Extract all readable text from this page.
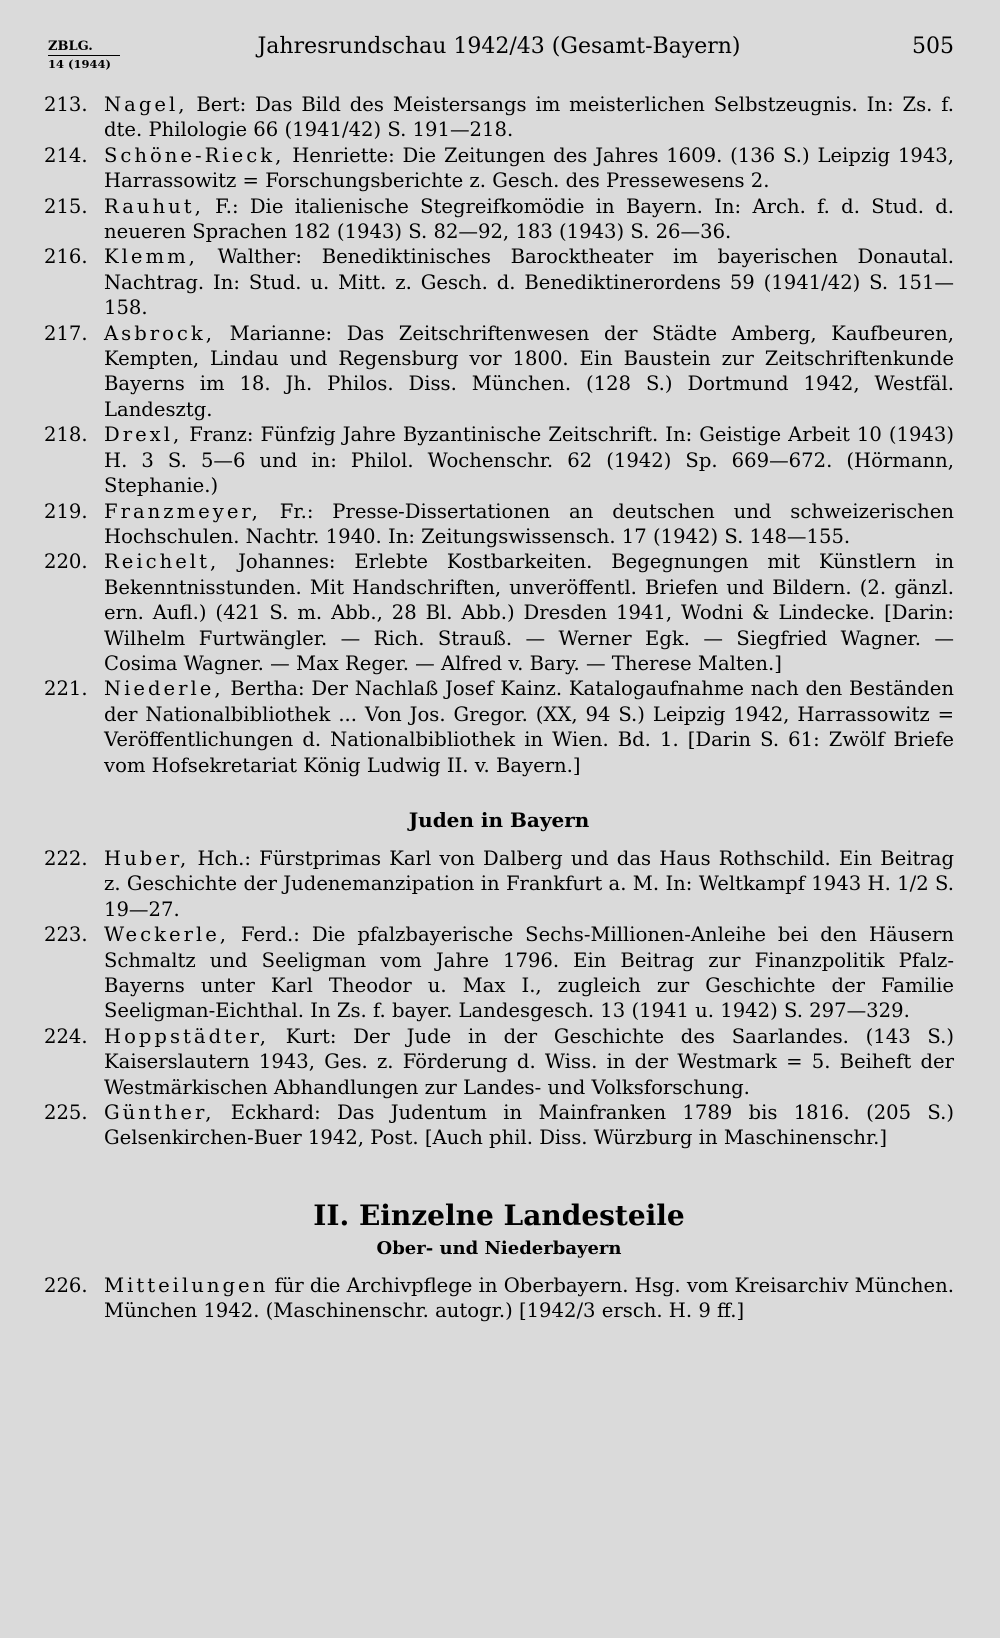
ZBLG.
14 (1944)
Jahresrundschau 1942/43 (Gesamt-Bayern)	505
213. Nagel, Bert: Das Bild des Meistersangs im meisterlichen Selbstzeugnis. In: Zs. f. dte. Philologie 66 (1941/42) S. 191—218.
214. Schöne-Rieck, Henriette: Die Zeitungen des Jahres 1609. (136 S.) Leipzig 1943, Harrassowitz = Forschungsberichte z. Gesch. des Pressewesens 2.
215. Rauhut, F.: Die italienische Stegreifkomödie in Bayern. In: Arch. f. d. Stud. d. neueren Sprachen 182 (1943) S. 82—92, 183 (1943) S. 26—36.
216. Klemm, Walther: Benediktinisches Barocktheater im bayerischen Donautal. Nachtrag. In: Stud. u. Mitt. z. Gesch. d. Benediktinerordens 59 (1941/42) S. 151—158.
217. Asbrock, Marianne: Das Zeitschriftenwesen der Städte Amberg, Kaufbeuren, Kempten, Lindau und Regensburg vor 1800. Ein Baustein zur Zeitschriftenkunde Bayerns im 18. Jh. Philos. Diss. München. (128 S.) Dortmund 1942, Westfäl. Landesztg.
218. Drexl, Franz: Fünfzig Jahre Byzantinische Zeitschrift. In: Geistige Arbeit 10 (1943) H. 3 S. 5—6 und in: Philol. Wochenschr. 62 (1942) Sp. 669—672. (Hörmann, Stephanie.)
219. Franzmeyer, Fr.: Presse-Dissertationen an deutschen und schweizerischen Hochschulen. Nachtr. 1940. In: Zeitungswissensch. 17 (1942) S. 148—155.
220. Reichelt, Johannes: Erlebte Kostbarkeiten. Begegnungen mit Künstlern in Bekenntnisstunden. Mit Handschriften, unveröffentl. Briefen und Bildern. (2. gänzl. ern. Aufl.) (421 S. m. Abb., 28 Bl. Abb.) Dresden 1941, Wodni & Lindecke. [Darin: Wilhelm Furtwängler. — Rich. Strauß. — Werner Egk. — Siegfried Wagner. — Cosima Wagner. — Max Reger. — Alfred v. Bary. — Therese Malten.]
221. Niederle, Bertha: Der Nachlaß Josef Kainz. Katalogaufnahme nach den Beständen der Nationalbibliothek ... Von Jos. Gregor. (XX, 94 S.) Leipzig 1942, Harrassowitz = Veröffentlichungen d. Nationalbibliothek in Wien. Bd. 1. [Darin S. 61: Zwölf Briefe vom Hofsekretariat König Ludwig II. v. Bayern.]
Juden in Bayern
222. Huber, Hch.: Fürstprimas Karl von Dalberg und das Haus Rothschild. Ein Beitrag z. Geschichte der Judenemanzipation in Frankfurt a. M. In: Weltkampf 1943 H. 1/2 S. 19—27.
223. Weckerle, Ferd.: Die pfalzbayerische Sechs-Millionen-Anleihe bei den Häusern Schmaltz und Seeligman vom Jahre 1796. Ein Beitrag zur Finanzpolitik Pfalz-Bayerns unter Karl Theodor u. Max I., zugleich zur Geschichte der Familie Seeligman-Eichthal. In Zs. f. bayer. Landesgesch. 13 (1941 u. 1942) S. 297—329.
224. Hoppstädter, Kurt: Der Jude in der Geschichte des Saarlandes. (143 S.) Kaiserslautern 1943, Ges. z. Förderung d. Wiss. in der Westmark = 5. Beiheft der Westmärkischen Abhandlungen zur Landes- und Volksforschung.
225. Günther, Eckhard: Das Judentum in Mainfranken 1789 bis 1816. (205 S.) Gelsenkirchen-Buer 1942, Post. [Auch phil. Diss. Würzburg in Maschinenschr.]
II. Einzelne Landesteile
Ober- und Niederbayern
226. Mitteilungen für die Archivpflege in Oberbayern. Hsg. vom Kreisarchiv München. München 1942. (Maschinenschr. autogr.) [1942/3 ersch. H. 9 ff.]
